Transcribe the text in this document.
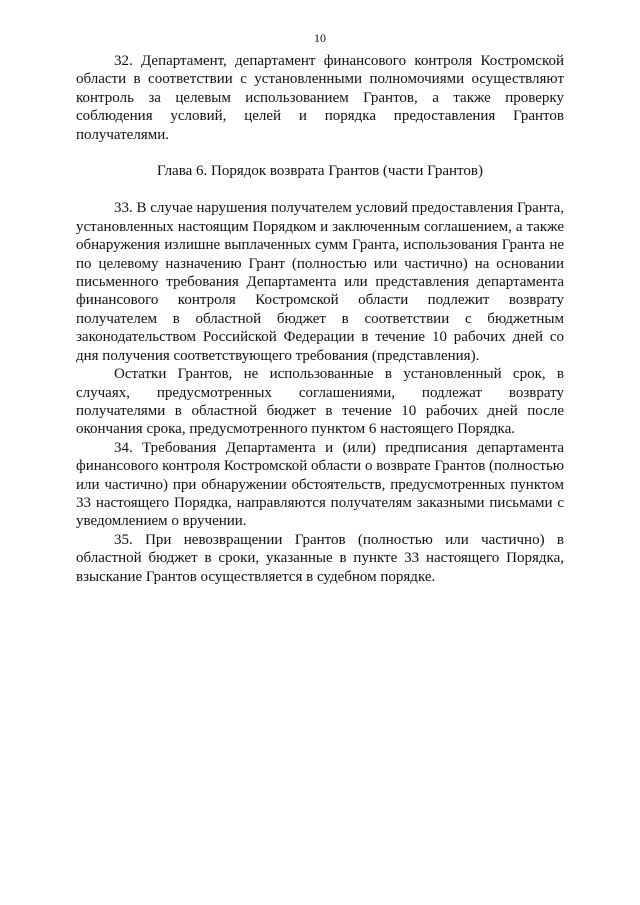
10

32. Департамент, департамент финансового контроля Костромской области в соответствии с установленными полномочиями осуществляют контроль за целевым использованием Грантов, а также проверку соблюдения условий, целей и порядка предоставления Грантов получателями.

Глава 6. Порядок возврата Грантов (части Грантов)

33. В случае нарушения получателем условий предоставления Гранта, установленных настоящим Порядком и заключенным соглашением, а также обнаружения излишне выплаченных сумм Гранта, использования Гранта не по целевому назначению Грант (полностью или частично) на основании письменного требования Департамента или представления департамента финансового контроля Костромской области подлежит возврату получателем в областной бюджет в соответствии с бюджетным законодательством Российской Федерации в течение 10 рабочих дней со дня получения соответствующего требования (представления).

Остатки Грантов, не использованные в установленный срок, в случаях, предусмотренных соглашениями, подлежат возврату получателями в областной бюджет в течение 10 рабочих дней после окончания срока, предусмотренного пунктом 6 настоящего Порядка.

34. Требования Департамента и (или) предписания департамента финансового контроля Костромской области о возврате Грантов (полностью или частично) при обнаружении обстоятельств, предусмотренных пунктом 33 настоящего Порядка, направляются получателям заказными письмами с уведомлением о вручении.

35. При невозвращении Грантов (полностью или частично) в областной бюджет в сроки, указанные в пункте 33 настоящего Порядка, взыскание Грантов осуществляется в судебном порядке.
